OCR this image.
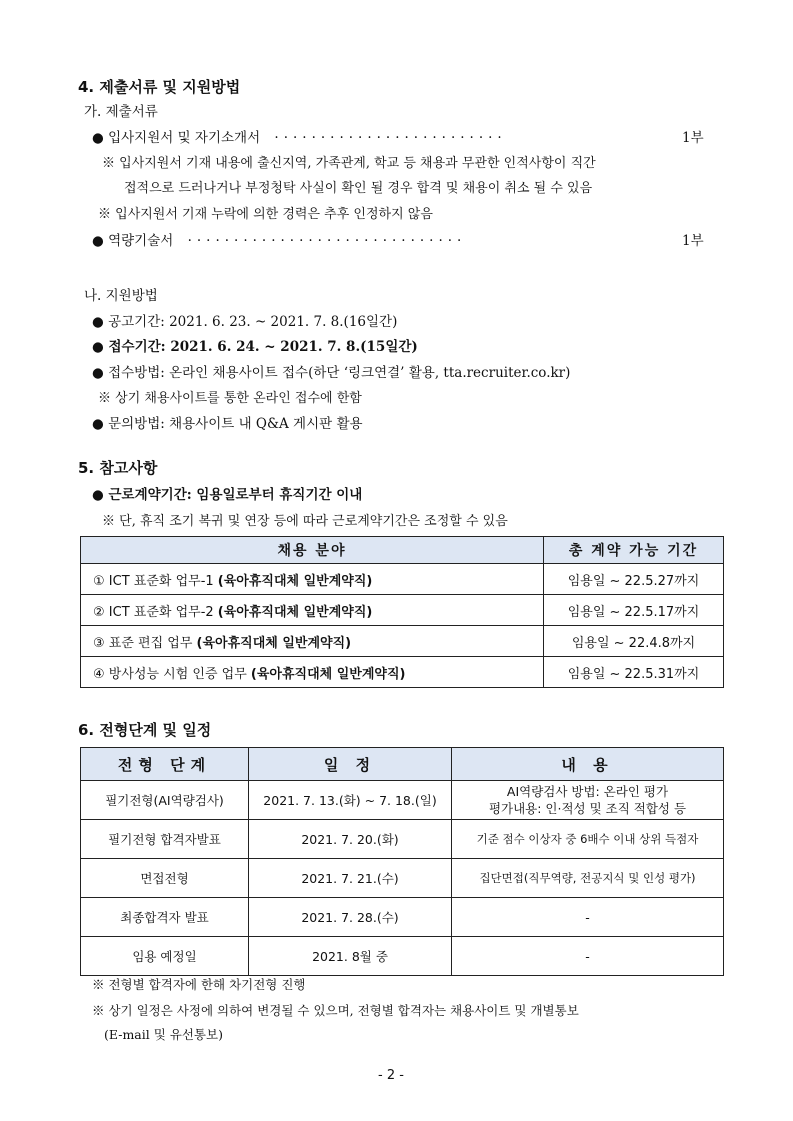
4. 제출서류 및 지원방법
가. 제출서류
● 입사지원서 및 자기소개서 ·························	1부
※ 입사지원서 기재 내용에 출신지역, 가족관계, 학교 등 채용과 무관한 인적사항이 직간
접적으로 드러나거나 부정청탁 사실이 확인 될 경우 합격 및 채용이 취소 될 수 있음
※ 입사지원서 기재 누락에 의한 경력은 추후 인정하지 않음
● 역량기술서 ······························	1부
나. 지원방법
● 공고기간: 2021. 6. 23. ~ 2021. 7. 8.(16일간)
● 접수기간: 2021. 6. 24. ~ 2021. 7. 8.(15일간)
● 접수방법: 온라인 채용사이트 접수(하단 ‘링크연결’ 활용, tta.recruiter.co.kr)
※ 상기 채용사이트를 통한 온라인 접수에 한함
● 문의방법: 채용사이트 내 Q&A 게시판 활용
5. 참고사항
● 근로계약기간: 임용일로부터 휴직기간 이내
※ 단, 휴직 조기 복귀 및 연장 등에 따라 근로계약기간은 조정할 수 있음
채용 분야	총 계약 가능 기간
① ICT 표준화 업무-1 (육아휴직대체 일반계약직)	임용일 ~ 22.5.27까지
② ICT 표준화 업무-2 (육아휴직대체 일반계약직)	임용일 ~ 22.5.17까지
③ 표준 편집 업무 (육아휴직대체 일반계약직)	임용일 ~ 22.4.8까지
④ 방사성능 시험 인증 업무 (육아휴직대체 일반계약직)	임용일 ~ 22.5.31까지
6. 전형단계 및 일정
전형 단계	일 정	내 용
필기전형(AI역량검사)	2021. 7. 13.(화) ~ 7. 18.(일)	AI역량검사 방법: 온라인 평가
평가내용: 인·적성 및 조직 적합성 등

필기전형 합격자발표	2021. 7. 20.(화)	기준 점수 이상자 중 6배수 이내 상위 득점자
면접전형	2021. 7. 21.(수)	집단면접(직무역량, 전공지식 및 인성 평가)
최종합격자 발표	2021. 7. 28.(수)	-
임용 예정일	2021. 8월 중	-
※ 전형별 합격자에 한해 차기전형 진행
※ 상기 일정은 사정에 의하여 변경될 수 있으며, 전형별 합격자는 채용사이트 및 개별통보
(E-mail 및 유선통보)
- 2 -
